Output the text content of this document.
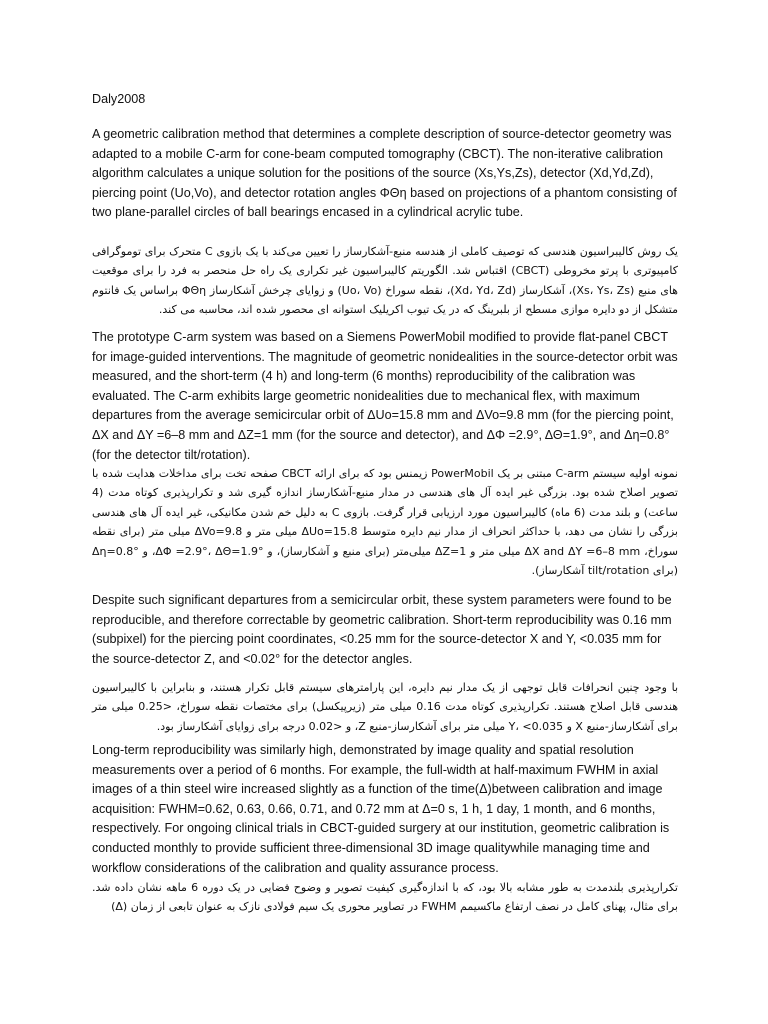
Daly2008

A geometric calibration method that determines a complete description of source-detector geometry was adapted to a mobile C-arm for cone-beam computed tomography (CBCT). The non-iterative calibration algorithm calculates a unique solution for the positions of the source (Xs,Ys,Zs), detector (Xd,Yd,Zd), piercing point (Uo,Vo), and detector rotation angles ΦΘη based on projections of a phantom consisting of two plane-parallel circles of ball bearings encased in a cylindrical acrylic tube.

یک روش کالیبراسیون هندسی که توصیف کاملی از هندسه منبع-آشکارساز را تعیین می‌کند با یک بازوی C متحرک برای توموگرافی کامپیوتری با پرتو مخروطی (CBCT) اقتباس شد. الگوریتم کالیبراسیون غیر تکراری یک راه حل منحصر به فرد را برای موقعیت های منبع (Xs، Ys، Zs)، آشکارساز (Xd، Yd، Zd)، نقطه سوراخ (Uo، Vo) و زوایای چرخش آشکارساز ΦΘη براساس یک فانتوم متشکل از دو دایره موازی مسطح از بلبرینگ که در یک تیوب اکریلیک استوانه ای محصور شده اند، محاسبه می کند.

The prototype C-arm system was based on a Siemens PowerMobil modified to provide flat-panel CBCT for image-guided interventions. The magnitude of geometric nonidealities in the source-detector orbit was measured, and the short-term (4 h) and long-term (6 months) reproducibility of the calibration was evaluated. The C-arm exhibits large geometric nonidealities due to mechanical flex, with maximum departures from the average semicircular orbit of ΔUo=15.8 mm and ΔVo=9.8 mm (for the piercing point, ΔX and ΔY =6–8 mm and ΔZ=1 mm (for the source and detector), and ΔΦ =2.9°, ΔΘ=1.9°, and Δη=0.8° (for the detector tilt/rotation).

نمونه اولیه سیستم C-arm مبتنی بر یک PowerMobil زیمنس بود که برای ارائه CBCT صفحه تخت برای مداخلات هدایت شده با تصویر اصلاح شده بود. بزرگی غیر ایده آل های هندسی در مدار منبع-آشکارساز اندازه گیری شد و تکرارپذیری کوتاه مدت (4 ساعت) و بلند مدت (6 ماه) کالیبراسیون مورد ارزیابی قرار گرفت. بازوی C به دلیل خم شدن مکانیکی، غیر ایده آل های هندسی بزرگی را نشان می دهد، با حداکثر انحراف از مدار نیم دایره متوسط ΔUo=15.8 میلی متر و ΔVo=9.8 میلی متر (برای نقطه سوراخ، ΔX and ΔY =6–8 mm میلی متر و ΔZ=1 میلی‌متر (برای منبع و آشکارساز)، و ΔΦ =2.9°، ΔΘ=1.9°، و Δη=0.8° (برای tilt/rotation آشکارساز).

Despite such significant departures from a semicircular orbit, these system parameters were found to be reproducible, and therefore correctable by geometric calibration. Short-term reproducibility was 0.16 mm (subpixel) for the piercing point coordinates, <0.25 mm for the source-detector X and Y, <0.035 mm for the source-detector Z, and <0.02° for the detector angles.

با وجود چنین انحرافات قابل توجهی از یک مدار نیم دایره، این پارامترهای سیستم قابل تکرار هستند، و بنابراین با کالیبراسیون هندسی قابل اصلاح هستند. تکرارپذیری کوتاه مدت 0.16 میلی متر (زیرپیکسل) برای مختصات نقطه سوراخ، <0.25 میلی متر برای آشکارساز-منبع X و Y، <0.035 میلی متر برای آشکارساز-منبع Z، و <0.02 درجه برای زوایای آشکارساز بود.

Long-term reproducibility was similarly high, demonstrated by image quality and spatial resolution measurements over a period of 6 months. For example, the full-width at half-maximum FWHM in axial images of a thin steel wire increased slightly as a function of the time(Δ)between calibration and image acquisition: FWHM=0.62, 0.63, 0.66, 0.71, and 0.72 mm at Δ=0 s, 1 h, 1 day, 1 month, and 6 months, respectively. For ongoing clinical trials in CBCT-guided surgery at our institution, geometric calibration is conducted monthly to provide sufficient three-dimensional 3D image qualitywhile managing time and workflow considerations of the calibration and quality assurance process.

تکرارپذیری بلندمدت به طور مشابه بالا بود، که با اندازه‌گیری کیفیت تصویر و وضوح فضایی در یک دوره 6 ماهه نشان داده شد. برای مثال، پهنای کامل در نصف ارتفاع ماکسیمم FWHM در تصاویر محوری یک سیم فولادی نازک به عنوان تابعی از زمان (Δ)
